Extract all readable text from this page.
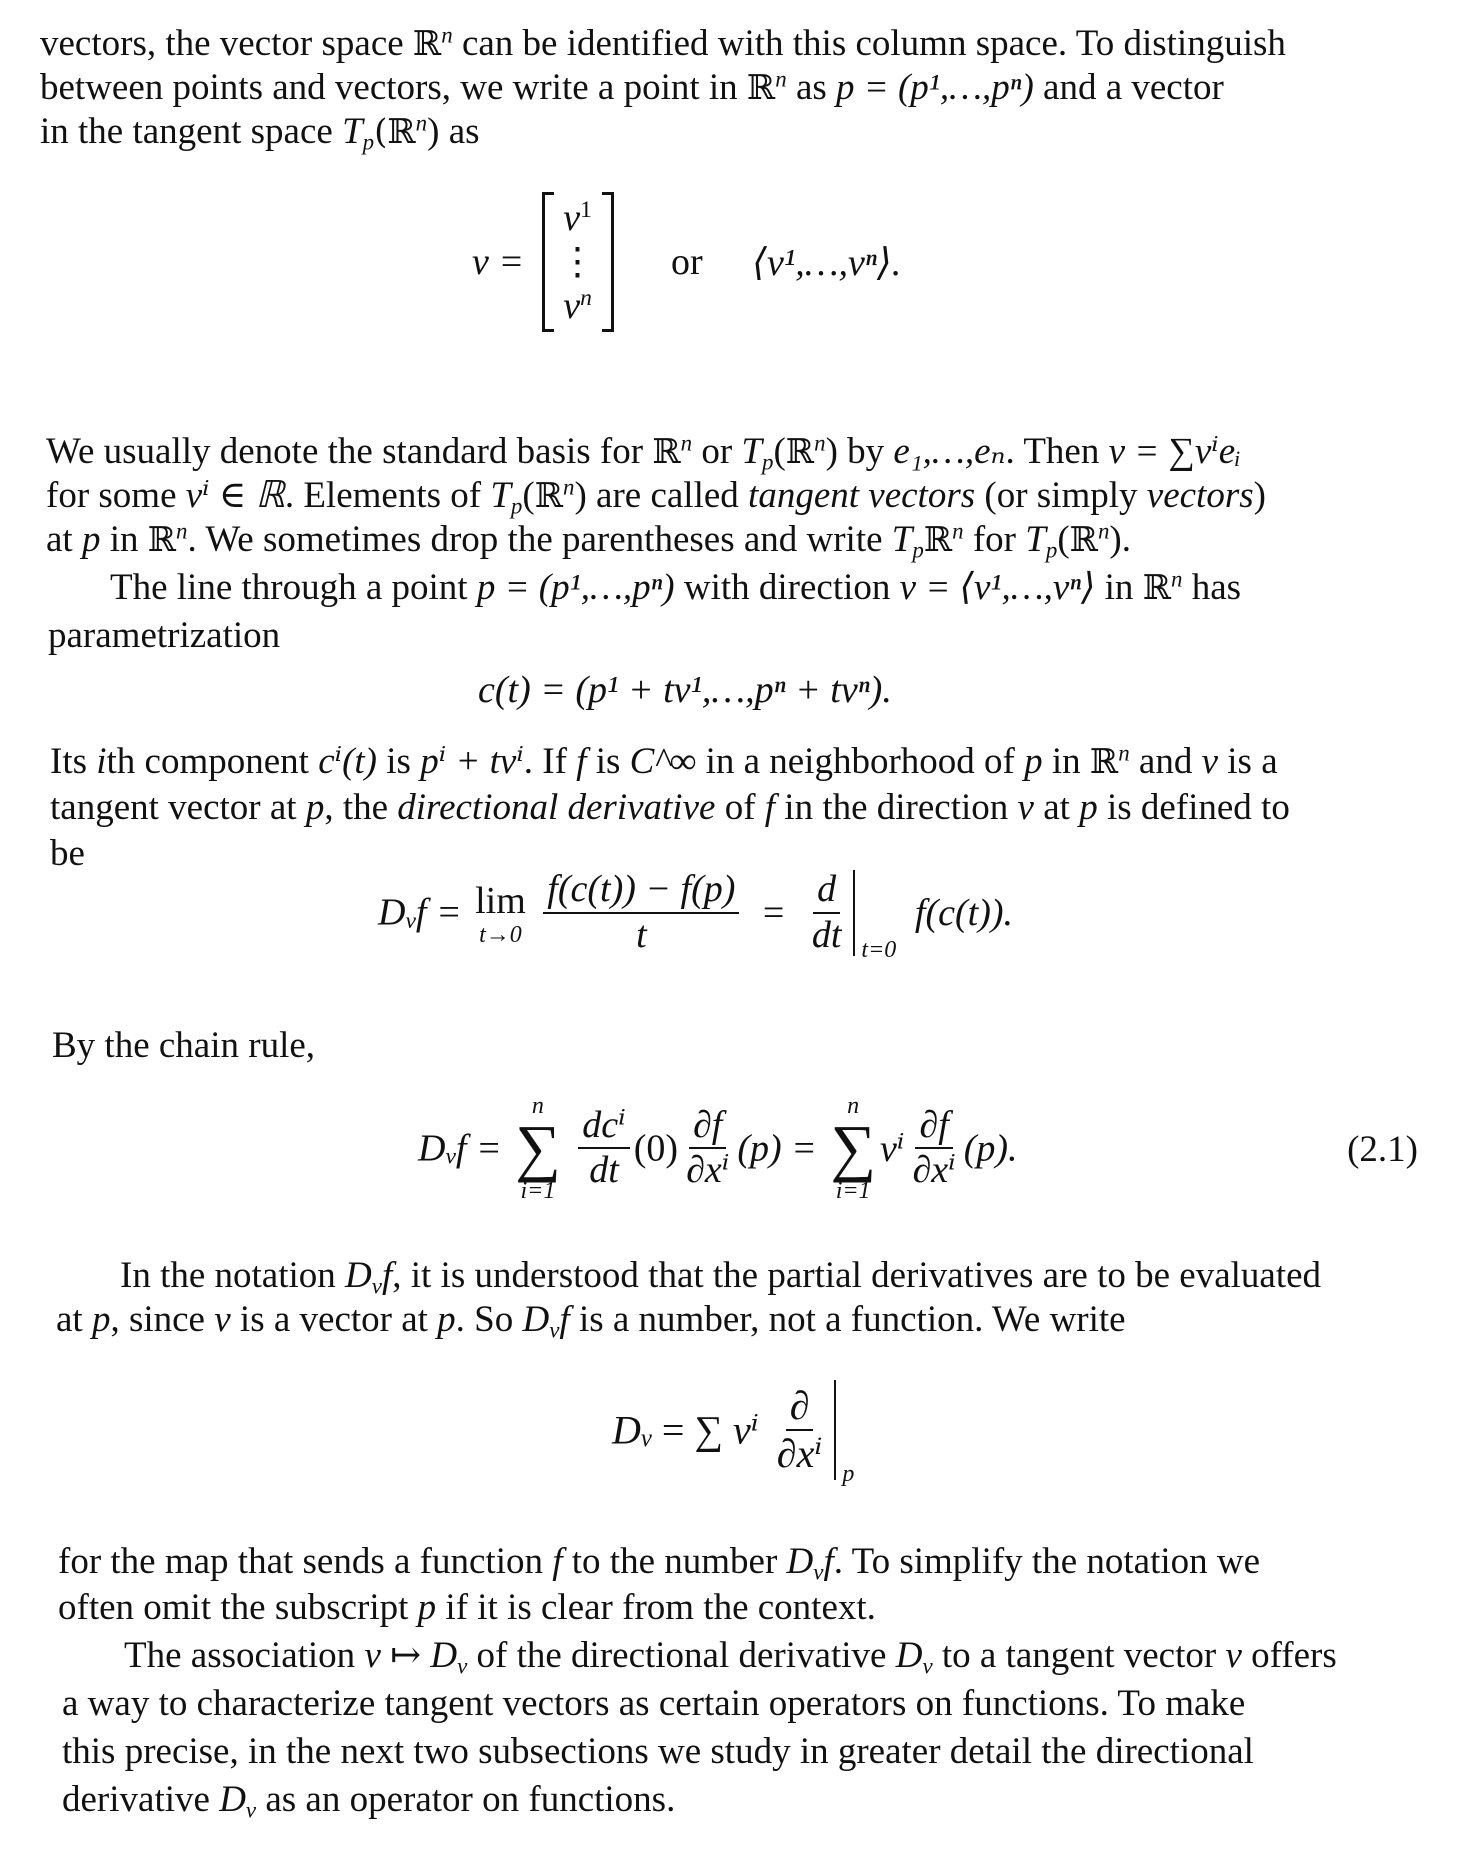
vectors, the vector space ℝ$^n$ can be identified with this column space. To distinguish
between points and vectors, we write a point in ℝ$^n$ as p = (p¹,…,pⁿ) and a vector
in the tangent space $T_p(ℝ^n)$ as
v =
$v^1$
⋮
$v^n$
or ⟨v¹,…,vⁿ⟩.
We usually denote the standard basis for ℝ$^n$ or $T_p(ℝ^n)$ by e₁,…,eₙ. Then v = ∑vⁱeᵢ
for some vⁱ ∈ ℝ. Elements of $T_p(ℝ^n)$ are called tangent vectors (or simply vectors)
at p in ℝ$^n$. We sometimes drop the parentheses and write $T_pℝ^n$ for $T_p(ℝ^n)$.
The line through a point p = (p¹,…,pⁿ) with direction v = ⟨v¹,…,vⁿ⟩ in ℝ$^n$ has
parametrization
c(t) = (p¹ + tv¹,…,pⁿ + tvⁿ).
Its ith component cⁱ(t) is pⁱ + tvⁱ. If f is C^∞ in a neighborhood of p in ℝ$^n$ and v is a
tangent vector at p, the directional derivative of f in the direction v at p is defined to
be
$D_vf = \lim$
t→0
$\frac{f(c(t)) - f(p)}{t} = \frac{d}{dt} t=0$
f(c(t)).
By the chain rule,
$D_vf$ =
n
∑
i=1
$\frac{\text{dcⁱ}}{dt} (0) \frac{\partial f}{\text{∂xⁱ}} (p)$ =
n
∑
i=1
vⁱ $\frac{\partial f}{\text{∂xⁱ}} (p)$.	(2.1)
In the notation $D_vf$, it is understood that the partial derivatives are to be evaluated
at p, since v is a vector at p. So $D_vf$ is a number, not a function. We write
$D_v$ = ∑ vⁱ $\frac{\partial}{\text{∂xⁱ}}$ p
for the map that sends a function f to the number $D_vf$. To simplify the notation we
often omit the subscript p if it is clear from the context.
The association v ↦ $D_v$ of the directional derivative $D_v$ to a tangent vector v offers
a way to characterize tangent vectors as certain operators on functions. To make
this precise, in the next two subsections we study in greater detail the directional
derivative $D_v$ as an operator on functions.
